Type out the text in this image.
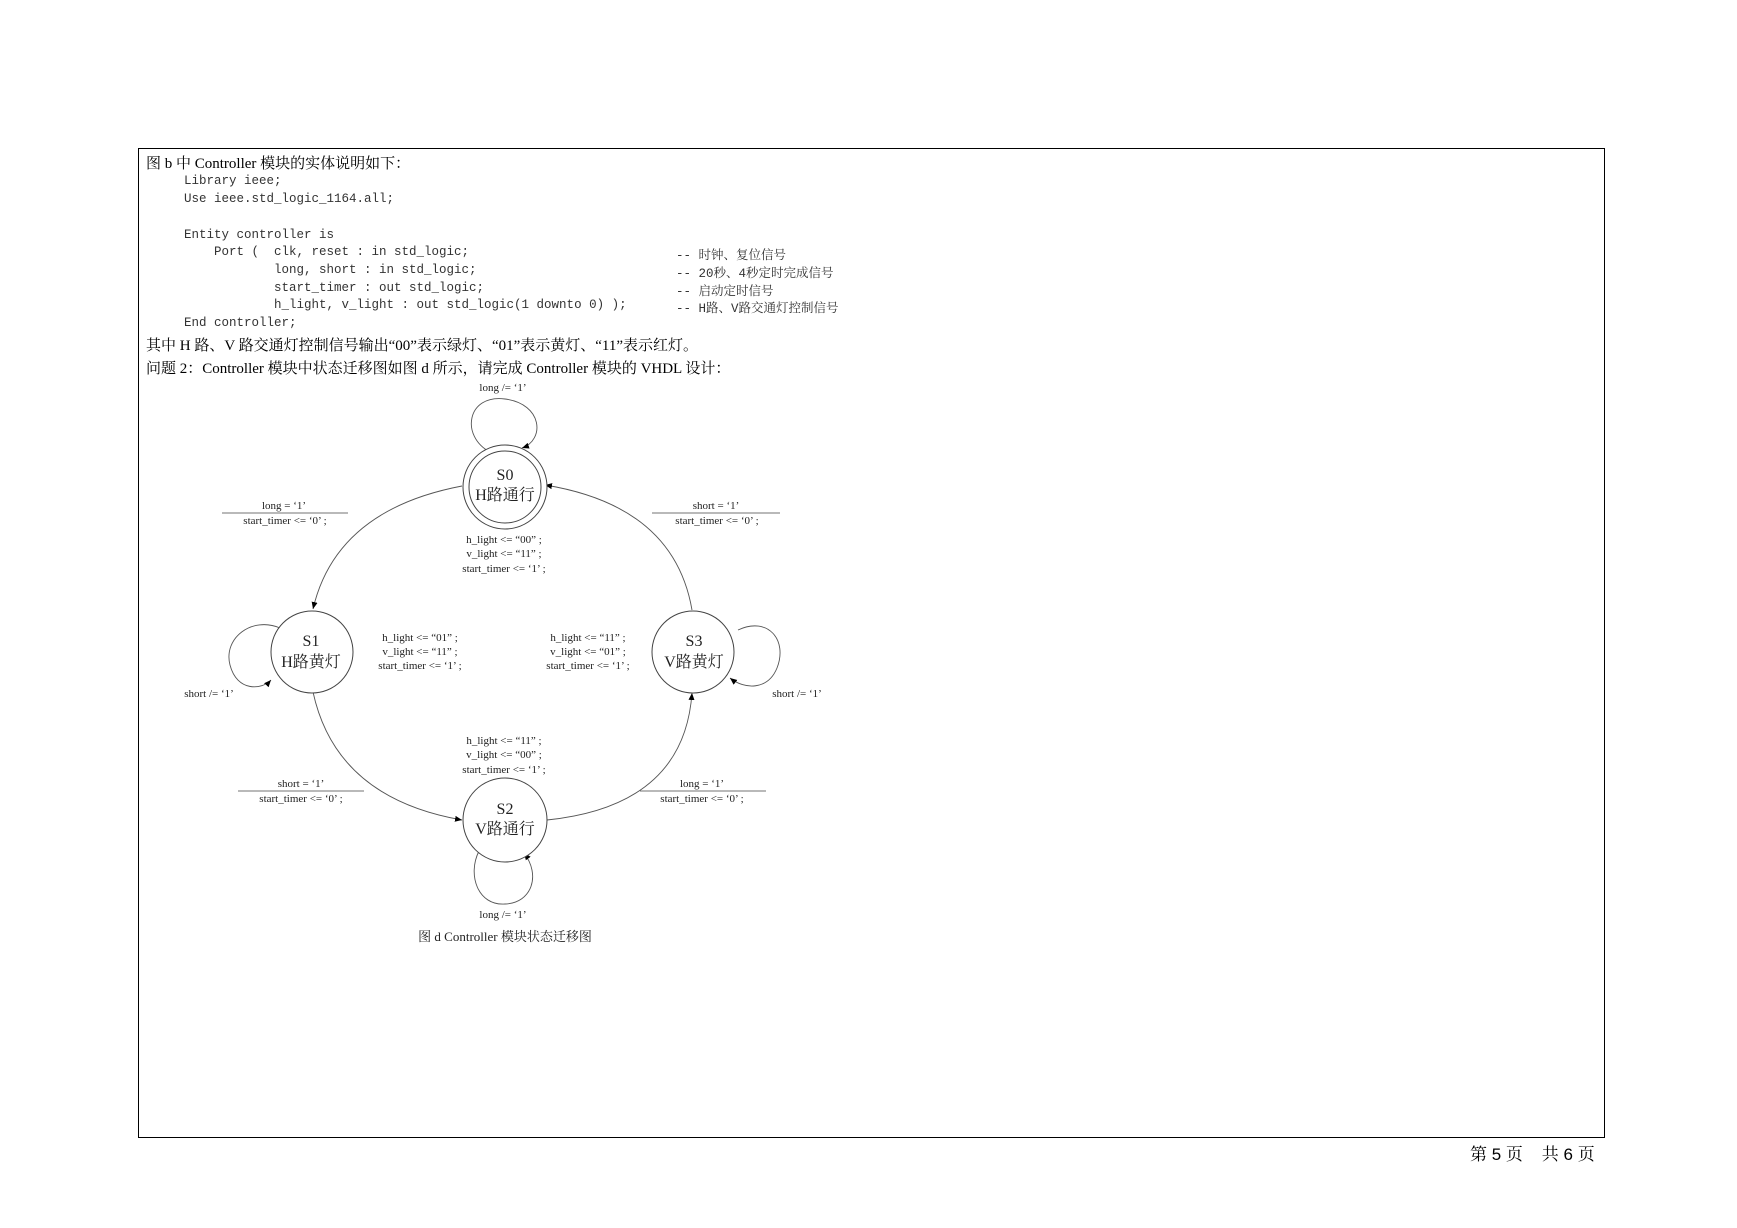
图 b 中 Controller 模块的实体说明如下：
Library ieee;
Use ieee.std_logic_1164.all;
Entity controller is
Port (  clk, reset : in std_logic;
long, short : in std_logic;
start_timer : out std_logic;
h_light, v_light : out std_logic(1 downto 0) );
End controller;
-- 时钟、复位信号
-- 20秒、4秒定时完成信号
-- 启动定时信号
-- H路、V路交通灯控制信号
其中 H 路、V 路交通灯控制信号输出“00”表示绿灯、“01”表示黄灯、“11”表示红灯。
问题 2：Controller 模块中状态迁移图如图 d 所示，请完成 Controller 模块的 VHDL 设计：
S0
H路通行
S1
H路黄灯
S3
V路黄灯
S2
V路通行
long /= ‘1’
short /= ‘1’	short /= ‘1’
long /= ‘1’
long = ‘1’
start_timer <= ‘0’ ;
short = ‘1’
start_timer <= ‘0’ ;
short = ‘1’
start_timer <= ‘0’ ;
long = ‘1’
start_timer <= ‘0’ ;
h_light <= “00” ;
v_light <= “11” ;
start_timer <= ‘1’ ;
h_light <= “01” ;
v_light <= “11” ;
start_timer <= ‘1’ ;
h_light <= “11” ;
v_light <= “01” ;
start_timer <= ‘1’ ;
h_light <= “11” ;
v_light <= “00” ;
start_timer <= ‘1’ ;
图 d Controller 模块状态迁移图
第 5 页    共 6 页
